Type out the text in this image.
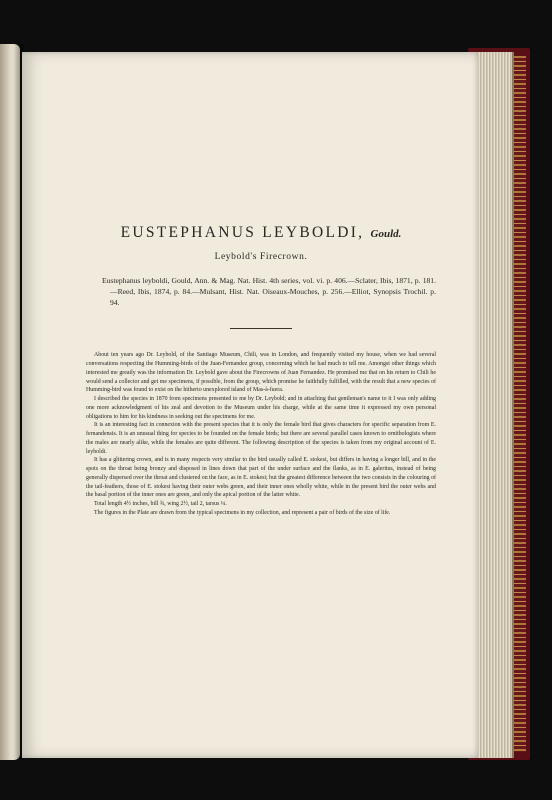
EUSTEPHANUS LEYBOLDI, Gould.
Leybold's Firecrown.
Eustephanus leyboldi, Gould, Ann. & Mag. Nat. Hist. 4th series, vol. vi. p. 406.—Sclater, Ibis, 1871, p. 181.—Reed, Ibis, 1874, p. 84.—Mulsant, Hist. Nat. Oiseaux-Mouches, p. 256.—Elliot, Synopsis Trochil. p. 94.

About ten years ago Dr. Leybold, of the Santiago Museum, Chili, was in London, and frequently visited my house, when we had several conversations respecting the Humming-birds of the Juan-Fernandez group, concerning which he had much to tell me. Amongst other things which interested me greatly was the information Dr. Leybold gave about the Firecrowns of Juan Fernandez. He promised me that on his return to Chili he would send a collector and get me specimens, if possible, from the group, which promise he faithfully fulfilled, with the result that a new species of Humming-bird was found to exist on the hitherto unexplored island of Mas-à-fuera.

I described the species in 1870 from specimens presented to me by Dr. Leybold; and in attaching that gentleman's name to it I was only adding one more acknowledgment of his zeal and devotion to the Museum under his charge, while at the same time it expressed my own personal obligations to him for his kindness in seeking out the specimens for me.

It is an interesting fact in connexion with the present species that it is only the female bird that gives characters for specific separation from E. fernandensis. It is an unusual thing for species to be founded on the female birds; but there are several parallel cases known to ornithologists where the males are nearly alike, while the females are quite different. The following description of the species is taken from my original account of E. leyboldi.

It has a glittering crown, and is in many respects very similar to the bird usually called E. stokesi, but differs in having a longer bill, and in the spots on the throat being bronzy and disposed in lines down that part of the under surface and the flanks, as in E. galeritus, instead of being generally dispersed over the throat and clustered on the face, as in E. stokesi; but the greatest difference between the two consists in the colouring of the tail-feathers, those of E. stokesi having their outer webs green, and their inner ones wholly white, while in the present bird the outer webs and the basal portion of the inner ones are green, and only the apical portion of the latter white.

Total length 4½ inches, bill ¾, wing 2½, tail 2, tarsus ¼.

The figures in the Plate are drawn from the typical specimens in my collection, and represent a pair of birds of the size of life.
